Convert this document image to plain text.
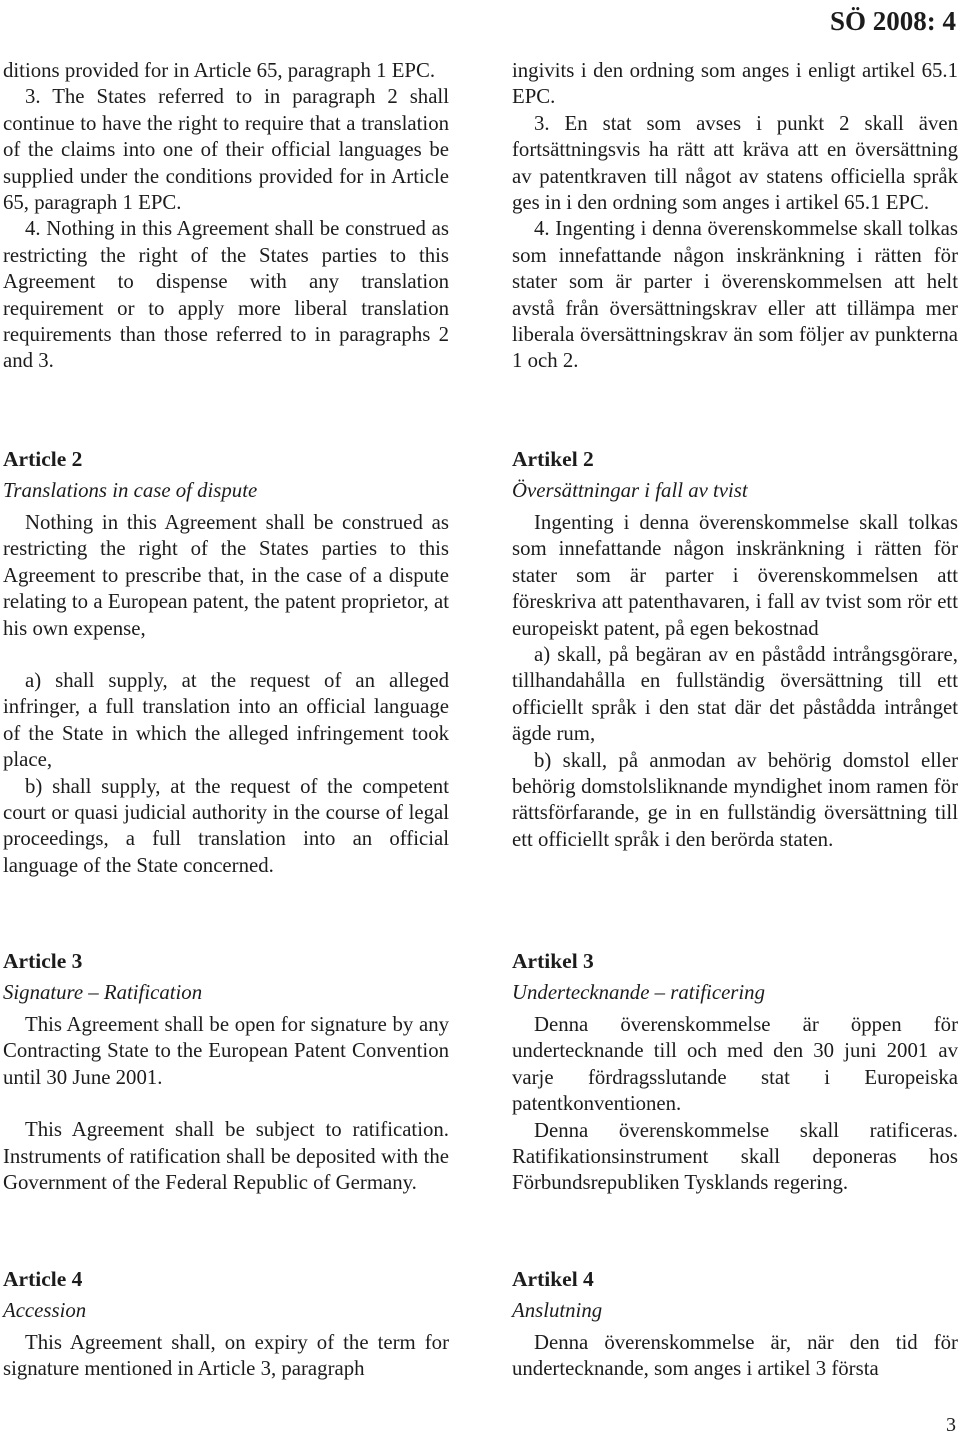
SÖ 2008: 4

ditions provided for in Article 65, paragraph 1 EPC.

3. The States referred to in paragraph 2 shall continue to have the right to require that a translation of the claims into one of their official languages be supplied under the conditions provided for in Article 65, paragraph 1 EPC.

4. Nothing in this Agreement shall be construed as restricting the right of the States parties to this Agreement to dispense with any translation requirement or to apply more liberal translation requirements than those referred to in paragraphs 2 and 3.

Article 2

Translations in case of dispute

Nothing in this Agreement shall be construed as restricting the right of the States parties to this Agreement to prescribe that, in the case of a dispute relating to a European patent, the patent proprietor, at his own expense,

a) shall supply, at the request of an alleged infringer, a full translation into an official language of the State in which the alleged infringement took place,

b) shall supply, at the request of the competent court or quasi judicial authority in the course of legal proceedings, a full translation into an official language of the State concerned.

Article 3

Signature – Ratification

This Agreement shall be open for signature by any Contracting State to the European Patent Convention until 30 June 2001.

This Agreement shall be subject to ratification. Instruments of ratification shall be deposited with the Government of the Federal Republic of Germany.

Article 4

Accession

This Agreement shall, on expiry of the term for signature mentioned in Article 3, paragraph

ingivits i den ordning som anges i enligt artikel 65.1 EPC.

3. En stat som avses i punkt 2 skall även fortsättningsvis ha rätt att kräva att en översättning av patentkraven till något av statens officiella språk ges in i den ordning som anges i artikel 65.1 EPC.

4. Ingenting i denna överenskommelse skall tolkas som innefattande någon inskränkning i rätten för stater som är parter i överenskommelsen att helt avstå från översättningskrav eller att tillämpa mer liberala översättningskrav än som följer av punkterna 1 och 2.

Artikel 2

Översättningar i fall av tvist

Ingenting i denna överenskommelse skall tolkas som innefattande någon inskränkning i rätten för stater som är parter i överenskommelsen att föreskriva att patenthavaren, i fall av tvist som rör ett europeiskt patent, på egen bekostnad

a) skall, på begäran av en påstådd intrångsgörare, tillhandahålla en fullständig översättning till ett officiellt språk i den stat där det påstådda intrånget ägde rum,

b) skall, på anmodan av behörig domstol eller behörig domstolsliknande myndighet inom ramen för rättsförfarande, ge in en fullständig översättning till ett officiellt språk i den berörda staten.

Artikel 3

Undertecknande – ratificering

Denna överenskommelse är öppen för undertecknande till och med den 30 juni 2001 av varje fördragsslutande stat i Europeiska patentkonventionen.

Denna överenskommelse skall ratificeras. Ratifikationsinstrument skall deponeras hos Förbundsrepubliken Tysklands regering.

Artikel 4

Anslutning

Denna överenskommelse är, när den tid för undertecknande, som anges i artikel 3 första

3
